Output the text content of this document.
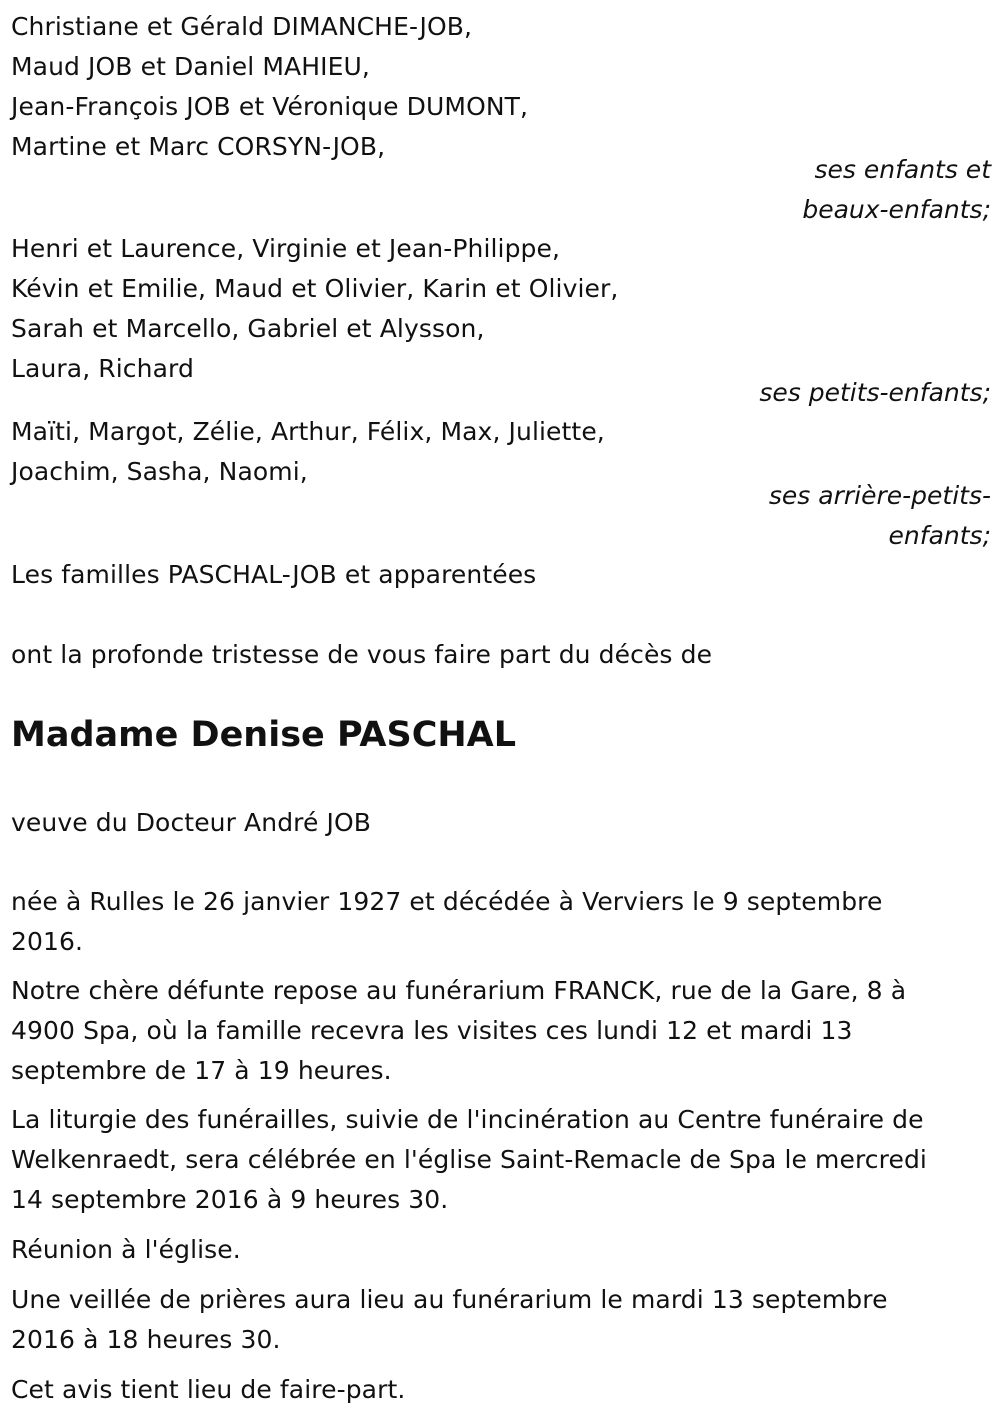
Christiane et Gérald DIMANCHE-JOB,
Maud JOB et Daniel MAHIEU,
Jean-François JOB et Véronique DUMONT,
Martine et Marc CORSYN-JOB,
ses enfants et
beaux-enfants;
Henri et Laurence, Virginie et Jean-Philippe,
Kévin et Emilie, Maud et Olivier, Karin et Olivier,
Sarah et Marcello, Gabriel et Alysson,
Laura, Richard
ses petits-enfants;
Maïti, Margot, Zélie, Arthur, Félix, Max, Juliette,
Joachim, Sasha, Naomi,
ses arrière-petits-
enfants;
Les familles PASCHAL-JOB et apparentées
ont la profonde tristesse de vous faire part du décès de
Madame Denise PASCHAL
veuve du Docteur André JOB
née à Rulles le 26 janvier 1927 et décédée à Verviers le 9 septembre
2016.
Notre chère défunte repose au funérarium FRANCK, rue de la Gare, 8 à
4900 Spa, où la famille recevra les visites ces lundi 12 et mardi 13
septembre de 17 à 19 heures.
La liturgie des funérailles, suivie de l'incinération au Centre funéraire de
Welkenraedt, sera célébrée en l'église Saint-Remacle de Spa le mercredi
14 septembre 2016 à 9 heures 30.
Réunion à l'église.
Une veillée de prières aura lieu au funérarium le mardi 13 septembre
2016 à 18 heures 30.
Cet avis tient lieu de faire-part.
